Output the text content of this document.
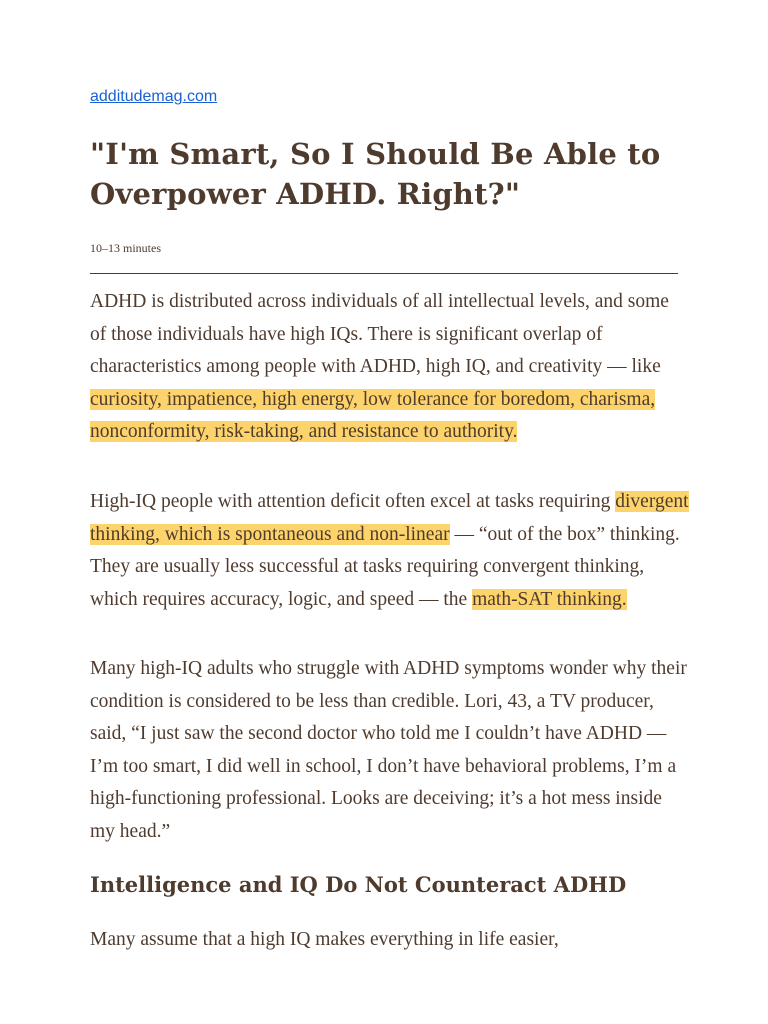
additudemag.com
"I'm Smart, So I Should Be Able to Overpower ADHD. Right?"
10–13 minutes

ADHD is distributed across individuals of all intellectual levels, and some of those individuals have high IQs. There is significant overlap of characteristics among people with ADHD, high IQ, and creativity — like curiosity, impatience, high energy, low tolerance for boredom, charisma, nonconformity, risk-taking, and resistance to authority.

High-IQ people with attention deficit often excel at tasks requiring divergent thinking, which is spontaneous and non-linear — “out of the box” thinking. They are usually less successful at tasks requiring convergent thinking, which requires accuracy, logic, and speed — the math-SAT thinking.

Many high-IQ adults who struggle with ADHD symptoms wonder why their condition is considered to be less than credible. Lori, 43, a TV producer, said, “I just saw the second doctor who told me I couldn’t have ADHD — I’m too smart, I did well in school, I don’t have behavioral problems, I’m a high-functioning professional. Looks are deceiving; it’s a hot mess inside my head.”

Intelligence and IQ Do Not Counteract ADHD

Many assume that a high IQ makes everything in life easier,
